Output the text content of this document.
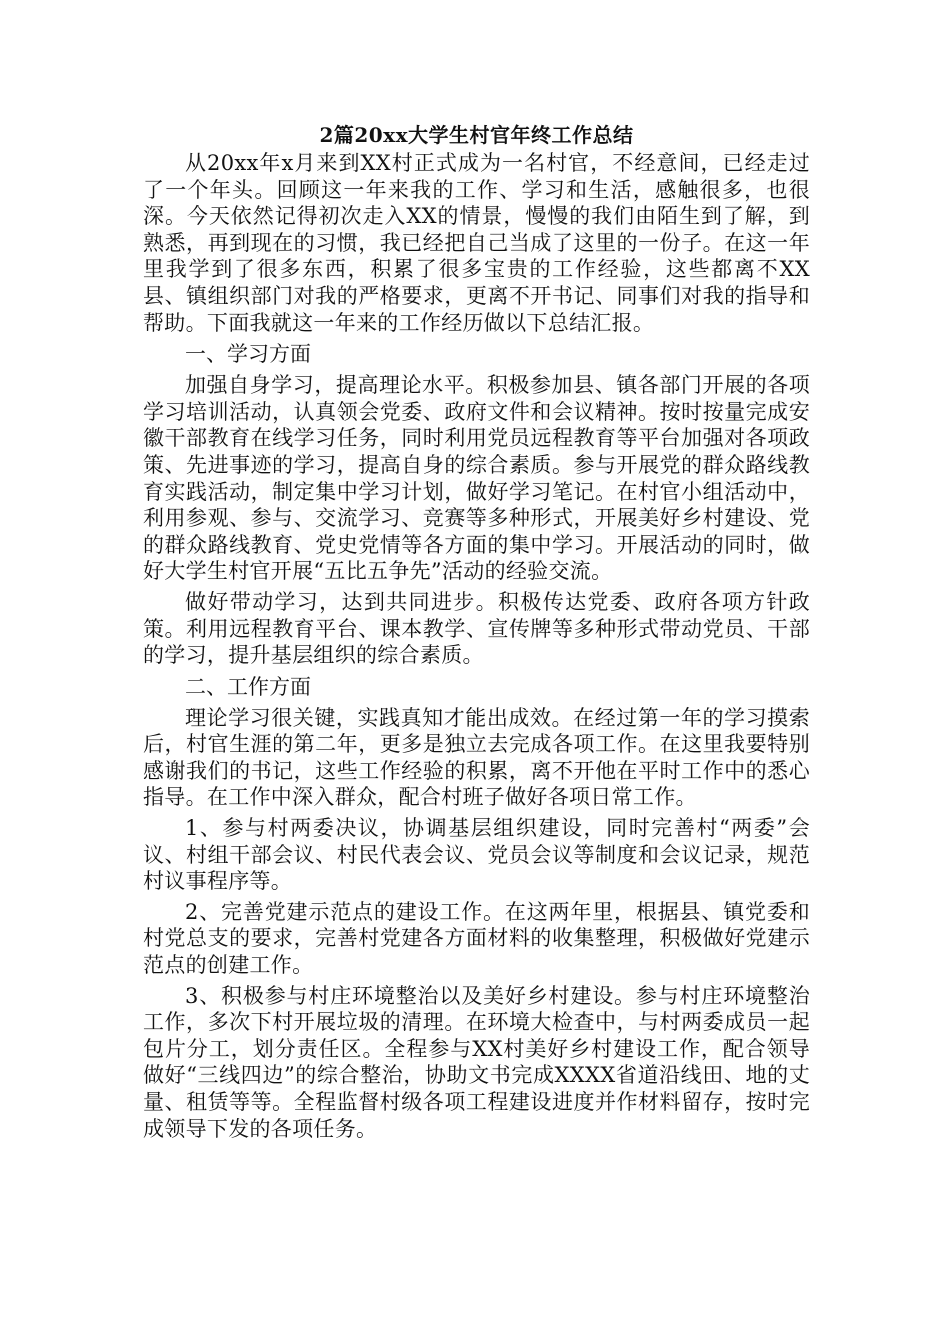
2篇20xx大学生村官年终工作总结

从20xx年x月来到XX村正式成为一名村官，不经意间，已经走过了一个年头。回顾这一年来我的工作、学习和生活，感触很多，也很深。今天依然记得初次走入XX的情景，慢慢的我们由陌生到了解，到熟悉，再到现在的习惯，我已经把自己当成了这里的一份子。在这一年里我学到了很多东西，积累了很多宝贵的工作经验，这些都离不XX县、镇组织部门对我的严格要求，更离不开书记、同事们对我的指导和帮助。下面我就这一年来的工作经历做以下总结汇报。

一、学习方面

加强自身学习，提高理论水平。积极参加县、镇各部门开展的各项学习培训活动，认真领会党委、政府文件和会议精神。按时按量完成安徽干部教育在线学习任务，同时利用党员远程教育等平台加强对各项政策、先进事迹的学习，提高自身的综合素质。参与开展党的群众路线教育实践活动，制定集中学习计划，做好学习笔记。在村官小组活动中，利用参观、参与、交流学习、竞赛等多种形式，开展美好乡村建设、党的群众路线教育、党史党情等各方面的集中学习。开展活动的同时，做好大学生村官开展“五比五争先”活动的经验交流。

做好带动学习，达到共同进步。积极传达党委、政府各项方针政策。利用远程教育平台、课本教学、宣传牌等多种形式带动党员、干部的学习，提升基层组织的综合素质。

二、工作方面

理论学习很关键，实践真知才能出成效。在经过第一年的学习摸索后，村官生涯的第二年，更多是独立去完成各项工作。在这里我要特别感谢我们的书记，这些工作经验的积累，离不开他在平时工作中的悉心指导。在工作中深入群众，配合村班子做好各项日常工作。

1、参与村两委决议，协调基层组织建设，同时完善村“两委”会议、村组干部会议、村民代表会议、党员会议等制度和会议记录，规范村议事程序等。

2、完善党建示范点的建设工作。在这两年里，根据县、镇党委和村党总支的要求，完善村党建各方面材料的收集整理，积极做好党建示范点的创建工作。

3、积极参与村庄环境整治以及美好乡村建设。参与村庄环境整治工作，多次下村开展垃圾的清理。在环境大检查中，与村两委成员一起包片分工，划分责任区。全程参与XX村美好乡村建设工作，配合领导做好“三线四边”的综合整治，协助文书完成XXXX省道沿线田、地的丈量、租赁等等。全程监督村级各项工程建设进度并作材料留存，按时完成领导下发的各项任务。
